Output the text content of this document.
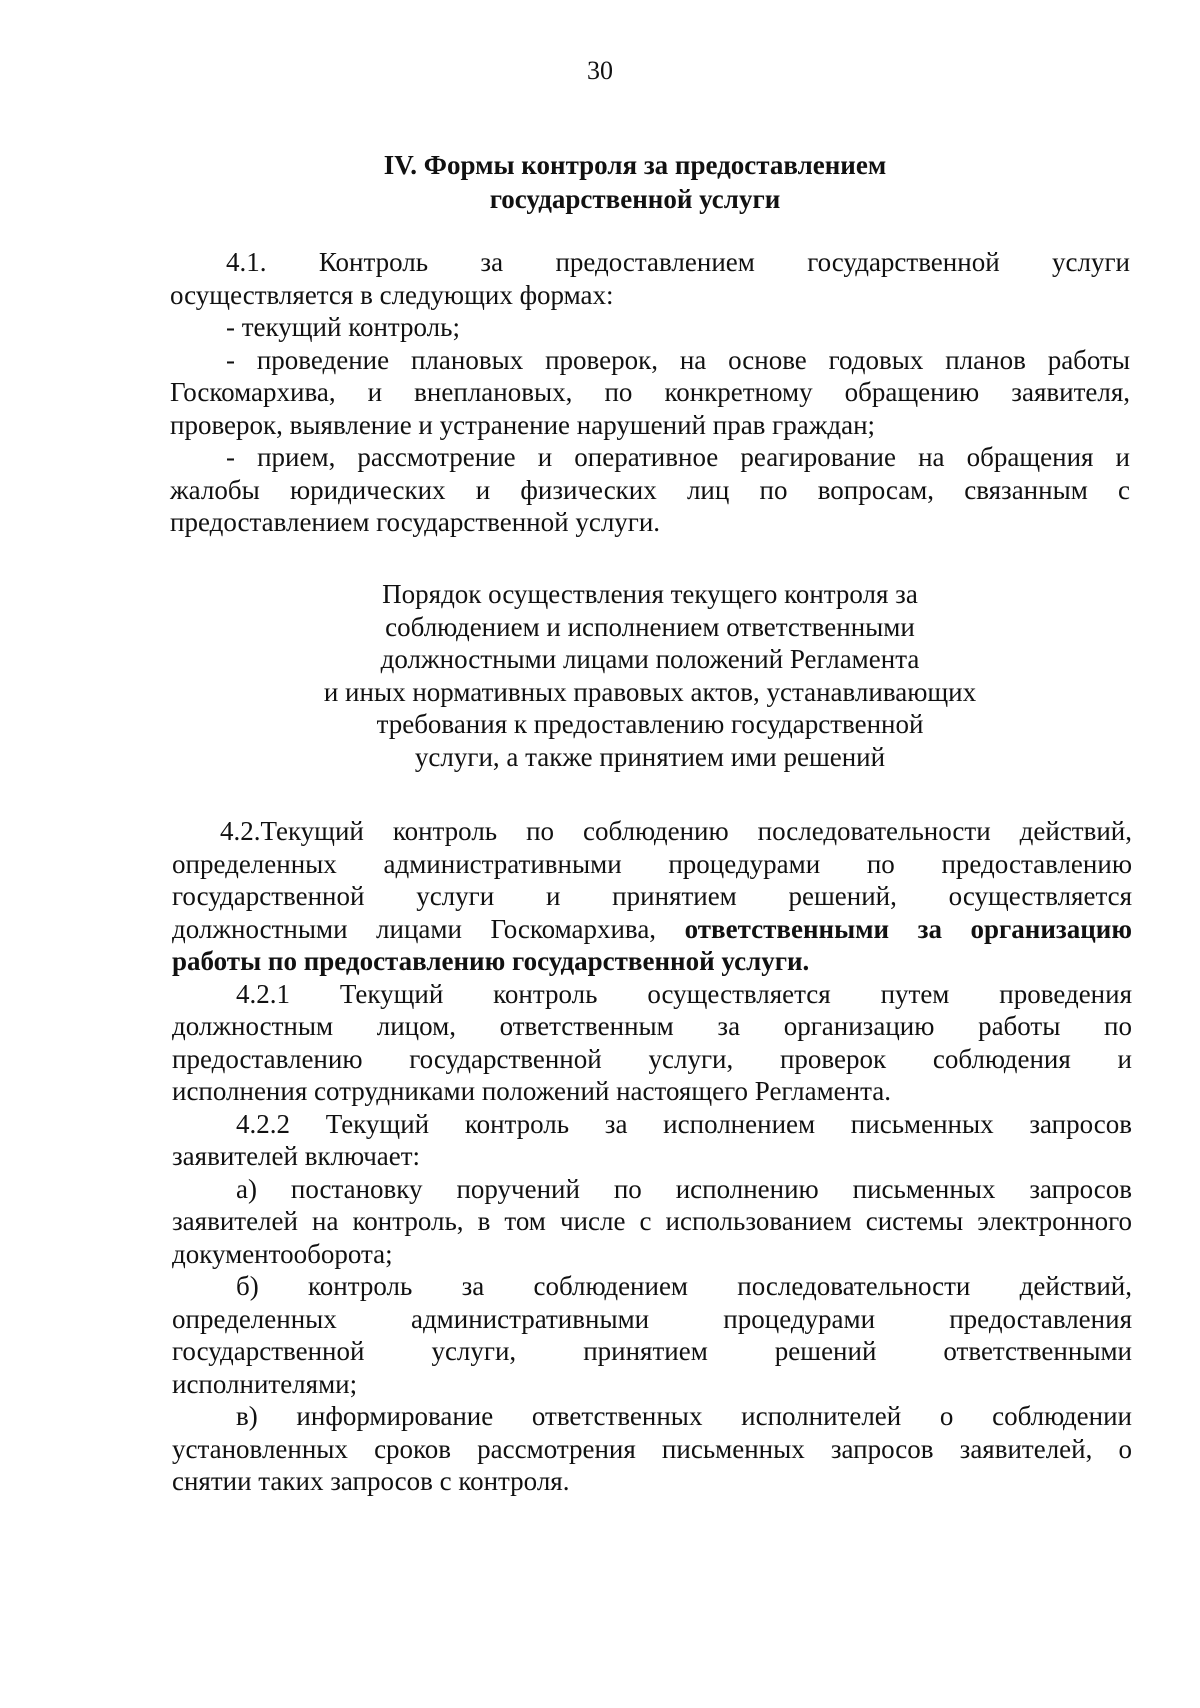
30
IV. Формы контроля за предоставлением
государственной услуги
4.1. Контроль за предоставлением государственной услуги
осуществляется в следующих формах:
- текущий контроль;
- проведение плановых проверок, на основе годовых планов работы
Госкомархива, и внеплановых, по конкретному обращению заявителя,
проверок, выявление и устранение нарушений прав граждан;
- прием, рассмотрение и оперативное реагирование на обращения и
жалобы юридических и физических лиц по вопросам, связанным с
предоставлением государственной услуги.
Порядок осуществления текущего контроля за
соблюдением и исполнением ответственными
должностными лицами положений Регламента
и иных нормативных правовых актов, устанавливающих
требования к предоставлению государственной
услуги, а также принятием ими решений
4.2.Текущий контроль по соблюдению последовательности действий,
определенных административными процедурами по предоставлению
государственной услуги и принятием решений, осуществляется
должностными лицами Госкомархива, ответственными за организацию
работы по предоставлению государственной услуги.
4.2.1 Текущий контроль осуществляется путем проведения
должностным лицом, ответственным за организацию работы по
предоставлению государственной услуги, проверок соблюдения и
исполнения сотрудниками положений настоящего Регламента.
4.2.2 Текущий контроль за исполнением письменных запросов
заявителей включает:
а) постановку поручений по исполнению письменных запросов
заявителей на контроль, в том числе с использованием системы электронного
документооборота;
б) контроль за соблюдением последовательности действий,
определенных административными процедурами предоставления
государственной услуги, принятием решений ответственными
исполнителями;
в) информирование ответственных исполнителей о соблюдении
установленных сроков рассмотрения письменных запросов заявителей, о
снятии таких запросов с контроля.
